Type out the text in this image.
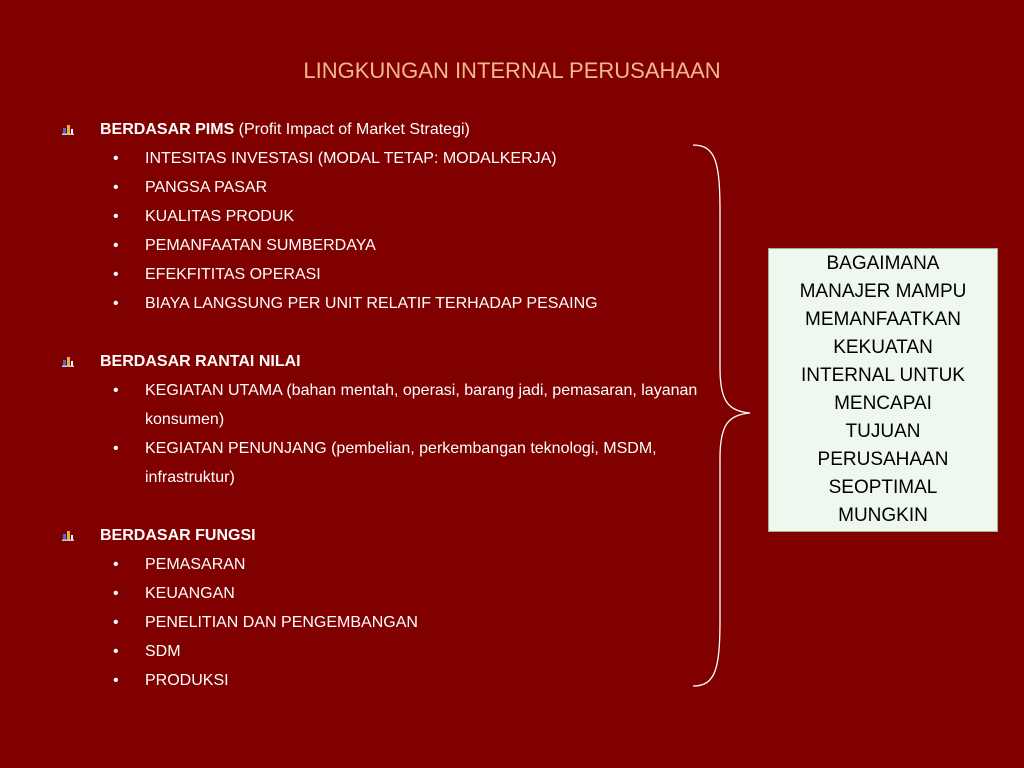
LINGKUNGAN INTERNAL PERUSAHAAN
BERDASAR PIMS (Profit Impact of Market Strategi)
• INTESITAS INVESTASI (MODAL TETAP: MODALKERJA)
• PANGSA PASAR
• KUALITAS PRODUK
• PEMANFAATAN SUMBERDAYA
• EFEKFITITAS OPERASI
• BIAYA LANGSUNG PER UNIT RELATIF TERHADAP PESAING
BERDASAR RANTAI NILAI
• KEGIATAN UTAMA (bahan mentah, operasi, barang jadi, pemasaran, layanan konsumen)
• KEGIATAN PENUNJANG (pembelian, perkembangan teknologi, MSDM, infrastruktur)
BERDASAR FUNGSI
• PEMASARAN
• KEUANGAN
• PENELITIAN DAN PENGEMBANGAN
• SDM
• PRODUKSI
BAGAIMANA
MANAJER MAMPU
MEMANFAATKAN
KEKUATAN
INTERNAL UNTUK
MENCAPAI
TUJUAN
PERUSAHAAN
SEOPTIMAL
MUNGKIN
